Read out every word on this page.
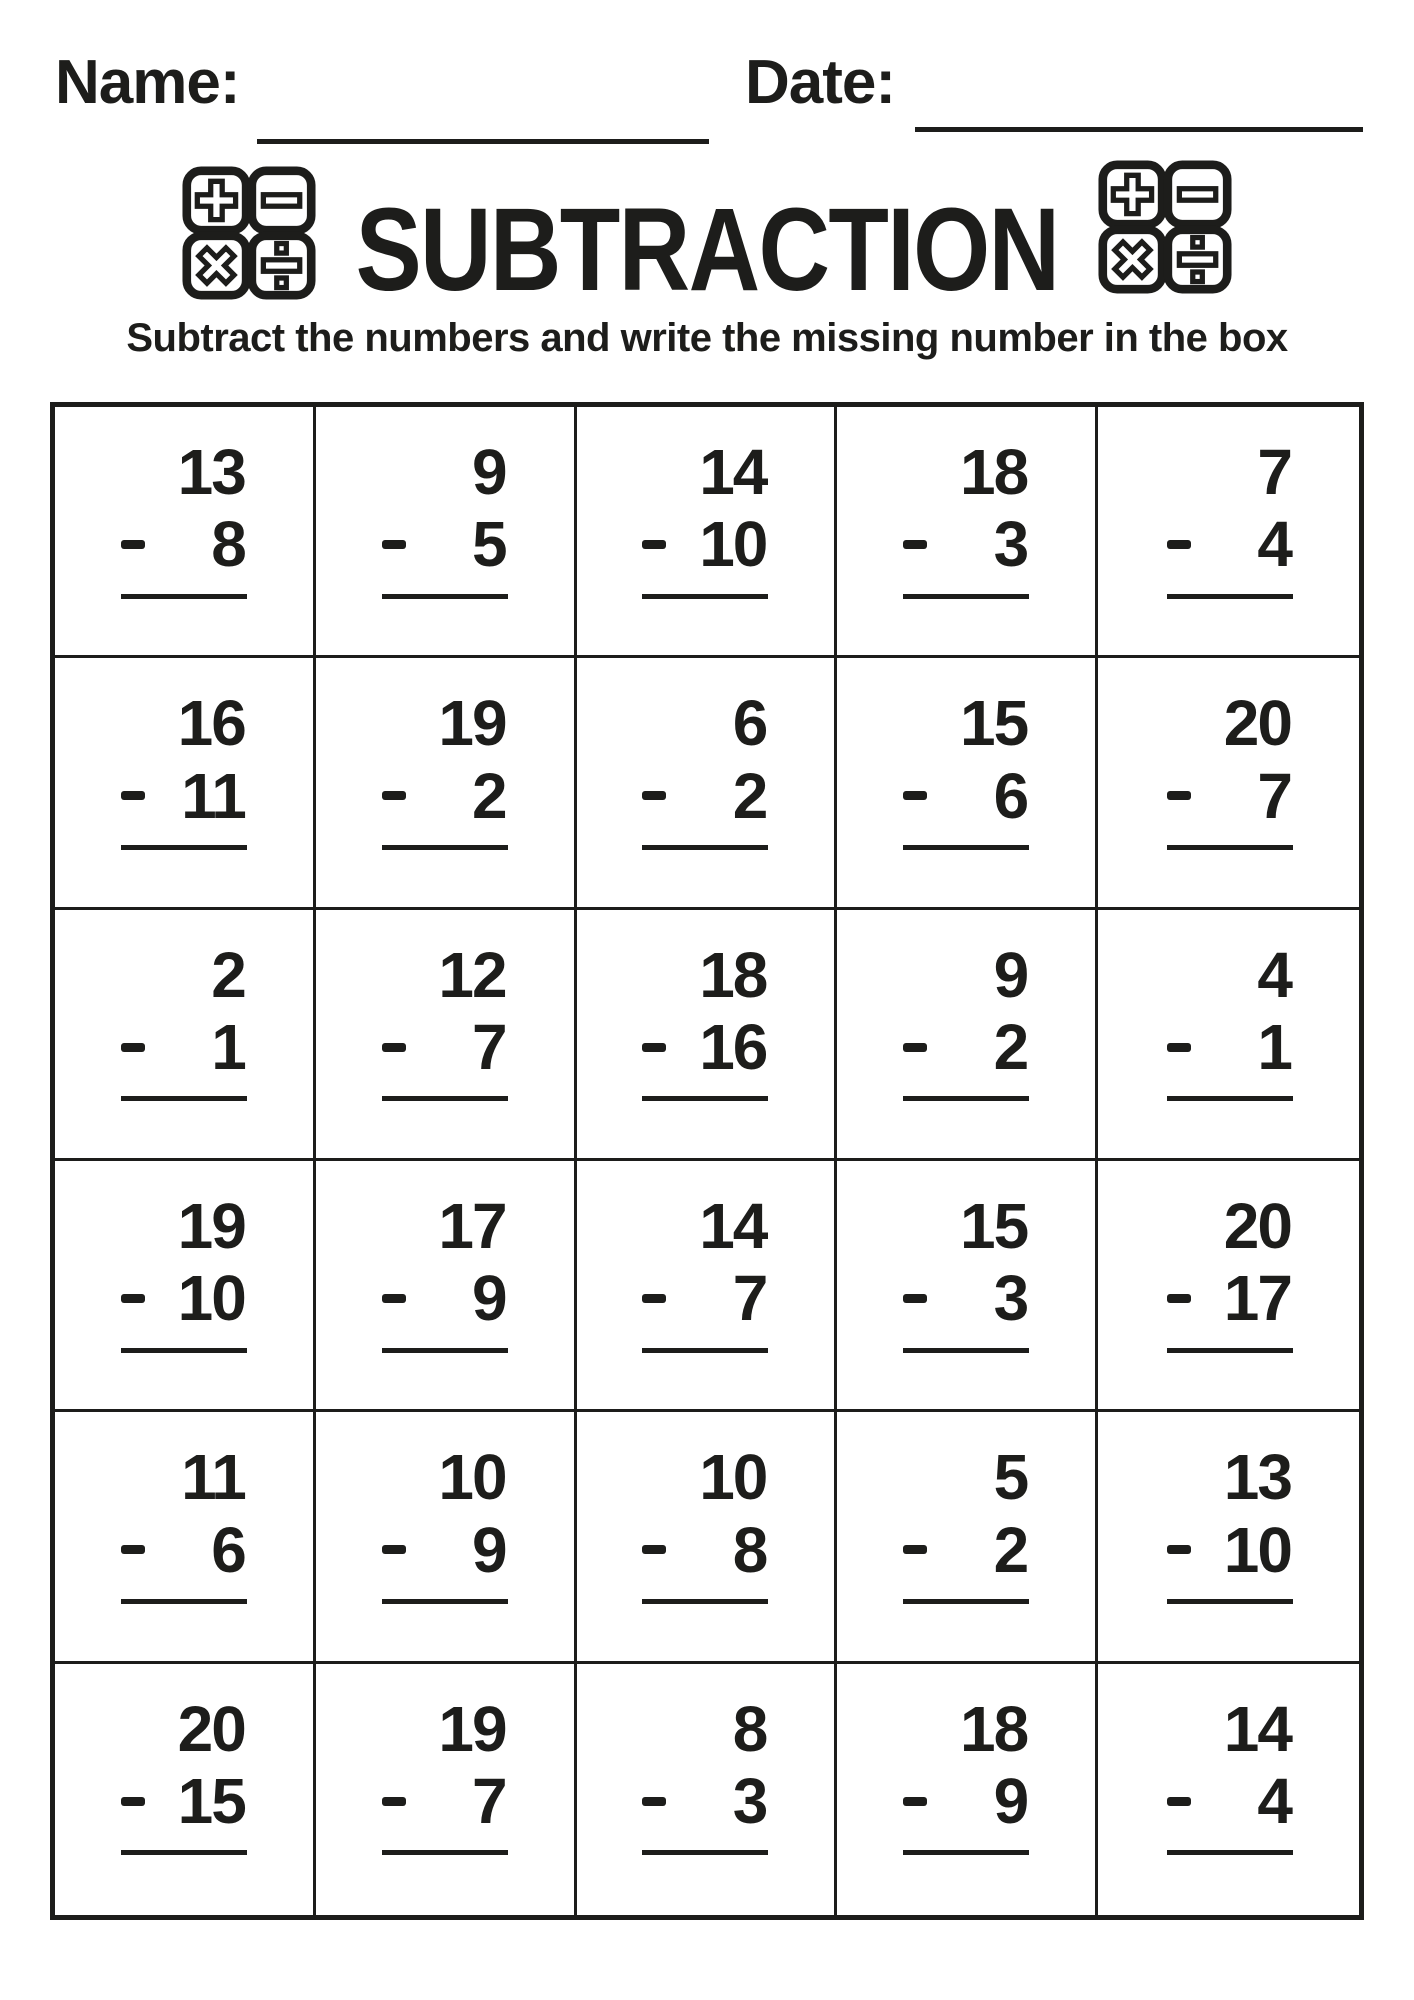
Name:	Date:
SUBTRACTION
Subtract the numbers and write the missing number in the box
13
8
9
5
14
10
18
3
7
4
16
11
19
2
6
2
15
6
20
7
2
1
12
7
18
16
9
2
4
1
19
10
17
9
14
7
15
3
20
17
11
6
10
9
10
8
5
2
13
10
20
15
19
7
8
3
18
9
14
4
